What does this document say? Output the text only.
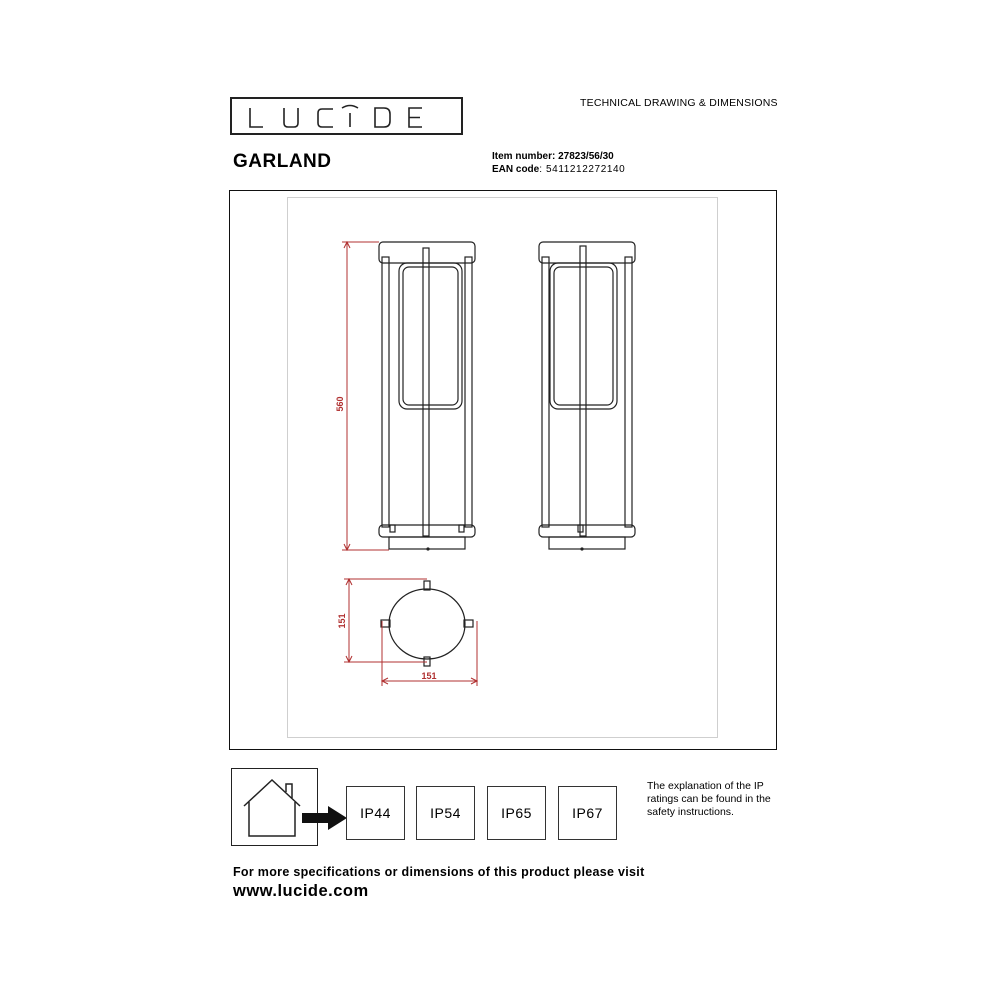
TECHNICAL DRAWING & DIMENSIONS
GARLAND	Item number: 27823/56/30
EAN code: 5411212272140
560
151
151
IP44	IP54	IP65	IP67
The explanation of the IP ratings can be found in the safety instructions.
For more specifications or dimensions of this product please visit
www.lucide.com
